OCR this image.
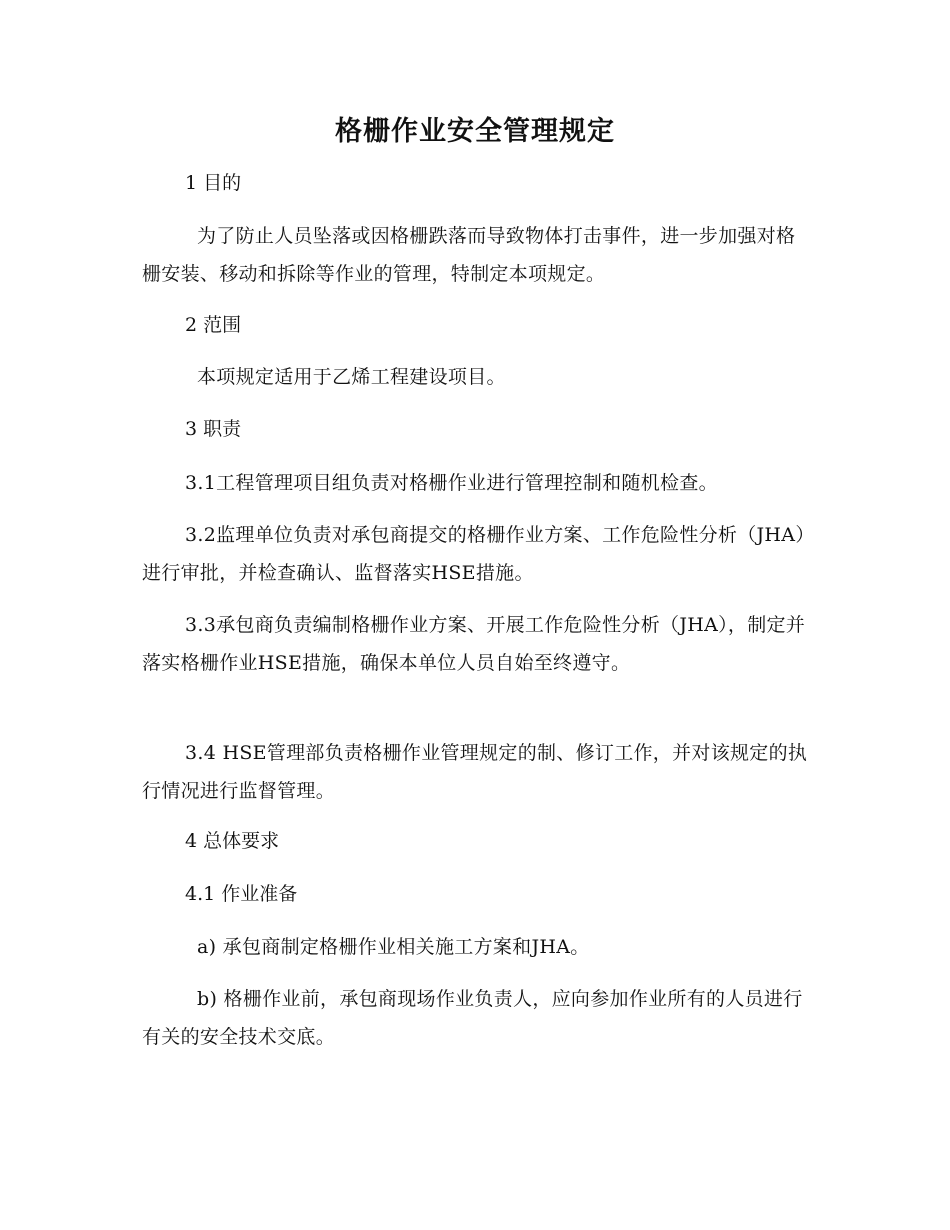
格栅作业安全管理规定
1 目的
为了防止人员坠落或因格栅跌落而导致物体打击事件，进一步加强对格栅安装、移动和拆除等作业的管理，特制定本项规定。
2 范围
本项规定适用于乙烯工程建设项目。
3 职责
3.1工程管理项目组负责对格栅作业进行管理控制和随机检查。
3.2监理单位负责对承包商提交的格栅作业方案、工作危险性分析（JHA）进行审批，并检查确认、监督落实HSE措施。
3.3承包商负责编制格栅作业方案、开展工作危险性分析（JHA），制定并落实格栅作业HSE措施，确保本单位人员自始至终遵守。
3.4 HSE管理部负责格栅作业管理规定的制、修订工作，并对该规定的执行情况进行监督管理。
4 总体要求
4.1 作业准备
a) 承包商制定格栅作业相关施工方案和JHA。
b) 格栅作业前，承包商现场作业负责人，应向参加作业所有的人员进行有关的安全技术交底。
